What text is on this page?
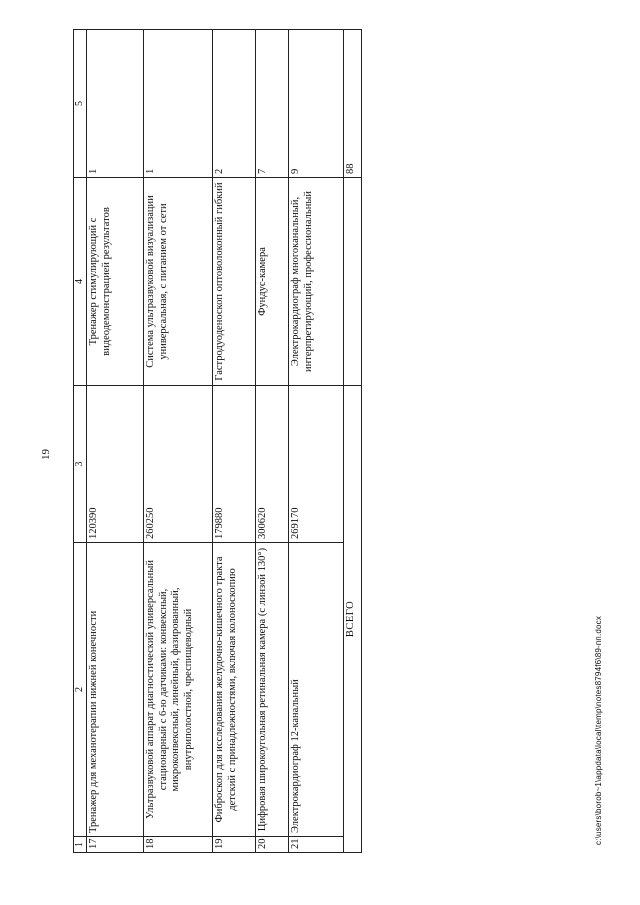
19
c:\users\borob~1\appdata\local\temp\notes8794f6\89-пп.docx
1	2	3	4	5
17	Тренажер для механотерапии нижней конечности	120390	Тренажер стимулирующий с видеодемонстрацией результатов	1
18	Ультразвуковой аппарат диагностический универсальный стационарный с 6-ю датчиками: конвексный, микроконвексный, линейный, фазированный, внутриполостной, чреспищеводный	260250	Система ультразвуковой визуализации универсальная, с питанием от сети	1
19	Фиброскоп для исследования желудочно-кишечного тракта детский с принадлежностями, включая колоноскопию	179880	Гастродуоденоскоп оптоволоконный гибкий	2
20	Цифровая широкоугольная ретинальная камера (с линзой 130°)	300620	Фундус-камера	7
21	Электрокардиограф 12-канальный	269170	Электрокардиограф многоканальный, интерпретирующий, профессиональный	9
ВСЕГО				88
